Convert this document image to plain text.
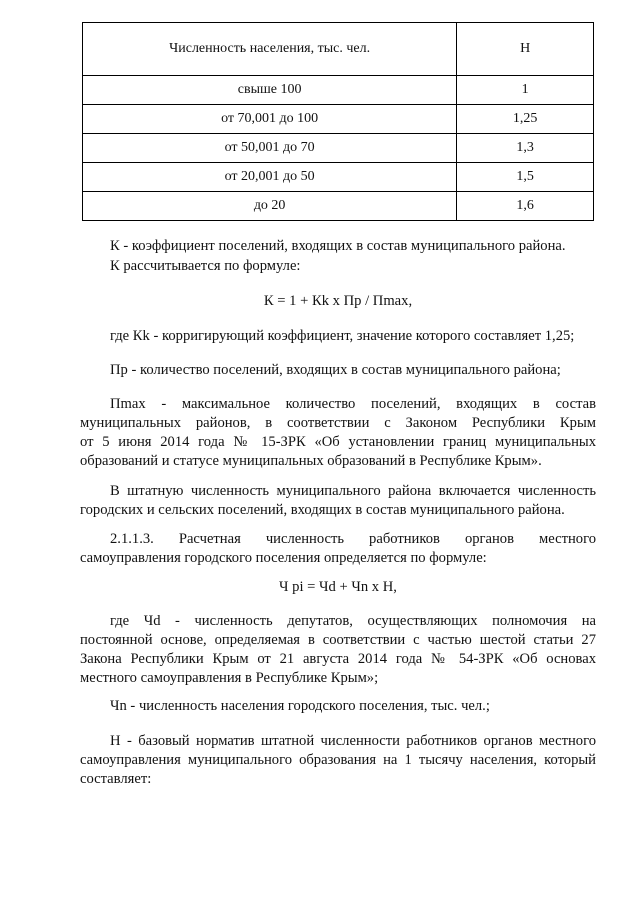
Численность населения, тыс. чел.	Н
свыше 100	1
от 70,001 до 100	1,25
от 50,001 до 70	1,3
от 20,001 до 50	1,5
до 20	1,6
К - коэффициент поселений, входящих в состав муниципального района.
К рассчитывается по формуле:
К = 1 + Кk х Пр / Пmax,
где Кk - корригирующий коэффициент, значение которого составляет 1,25;
Пр - количество поселений, входящих в состав муниципального района;
Пmax - максимальное количество поселений, входящих в состав
муниципальных районов, в соответствии с Законом Республики Крым
от 5 июня 2014 года № 15-ЗРК «Об установлении границ муниципальных
образований и статусе муниципальных образований в Республике Крым».
В штатную численность муниципального района включается численность
городских и сельских поселений, входящих в состав муниципального района.
2.1.1.3. Расчетная численность работников органов местного
самоуправления городского поселения определяется по формуле:
Ч рi = Чd + Чn х Н,
где Чd - численность депутатов, осуществляющих полномочия на
постоянной основе, определяемая в соответствии с частью шестой статьи 27
Закона Республики Крым от 21 августа 2014 года № 54-ЗРК «Об основах
местного самоуправления в Республике Крым»;
Чn - численность населения городского поселения, тыс. чел.;
Н - базовый норматив штатной численности работников органов местного
самоуправления муниципального образования на 1 тысячу населения, который
составляет:
